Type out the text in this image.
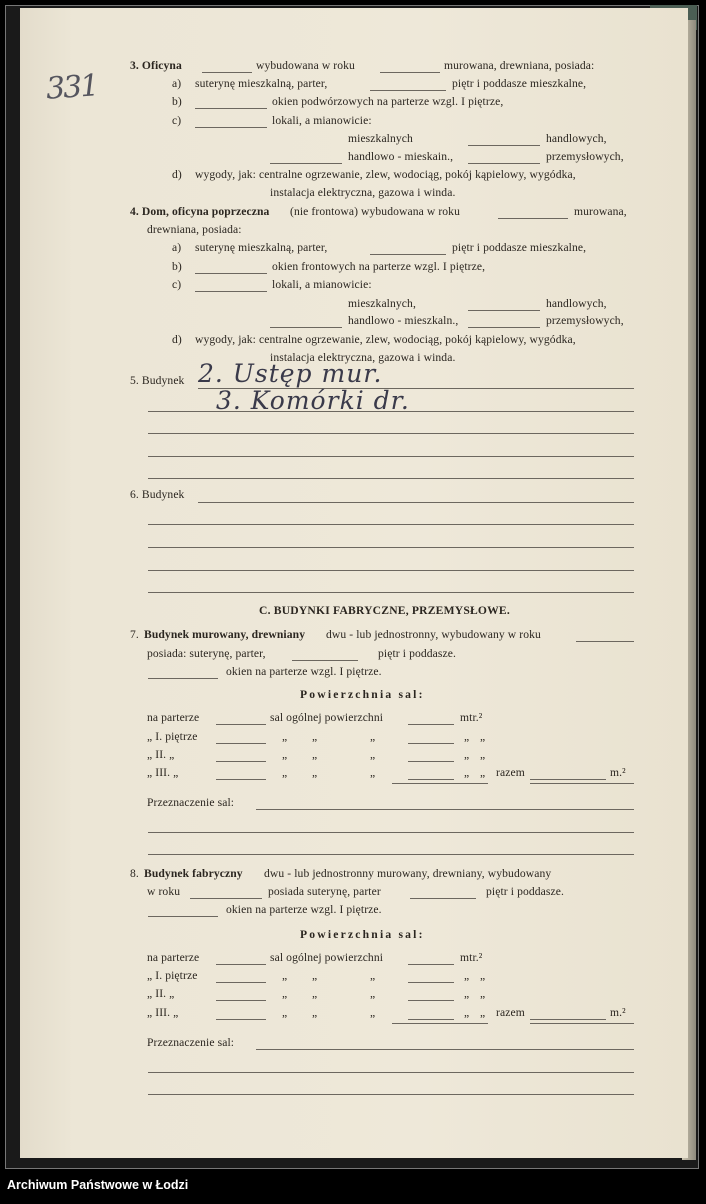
331
3. Oficyna	wybudowana w roku	murowana, drewniana, posiada:
a) suterynę mieszkalną, parter,	piętr i poddasze mieszkalne,
b)	okien podwórzowych na parterze wzgl. I piętrze,
c)	lokali, a mianowicie:
mieszkalnych	handlowych,
handlowo - mieskain.,	przemysłowych,
d) wygody, jak: centralne ogrzewanie, zlew, wodociąg, pokój kąpielowy, wygódka,
instalacja elektryczna, gazowa i winda.
4. Dom, oficyna poprzeczna (nie frontowa) wybudowana w roku	murowana,
drewniana, posiada:
a) suterynę mieszkalną, parter,	piętr i poddasze mieszkalne,
b)	okien frontowych na parterze wzgl. I piętrze,
c)	lokali, a mianowicie:
mieszkalnych,	handlowych,
handlowo - mieszkaln.,	przemysłowych,
d) wygody, jak: centralne ogrzewanie, zlew, wodociąg, pokój kąpielowy, wygódka,
instalacja elektryczna, gazowa i winda.
5. Budynek 2. Ustęp mur.
3. Komórki dr.
6. Budynek
C. BUDYNKI FABRYCZNE, PRZEMYSŁOWE.
7. Budynek murowany, drewniany dwu - lub jednostronny, wybudowany w roku
posiada: suterynę, parter,	piętr i poddasze.
okien na parterze wzgl. I piętrze.
Powierzchnia sal:
na parterze	sal ogólnej powierzchni	mtr.²
„ I. piętrze	„ „	„	„ „
„ II. „	„ „	„	„ „
„ III. „	„ „	„	„ „ razem	m.²
Przeznaczenie sal:
8. Budynek fabryczny dwu - lub jednostronny murowany, drewniany, wybudowany
w roku	posiada suterynę, parter	piętr i poddasze.
okien na parterze wzgl. I piętrze.
Powierzchnia sal:
na parterze	sal ogólnej powierzchni	mtr.²
„ I. piętrze	„ „	„	„ „
„ II. „	„ „	„	„ „
„ III. „	„ „	„	„ „ razem	m.²
Przeznaczenie sal:
Archiwum Państwowe w Łodzi
